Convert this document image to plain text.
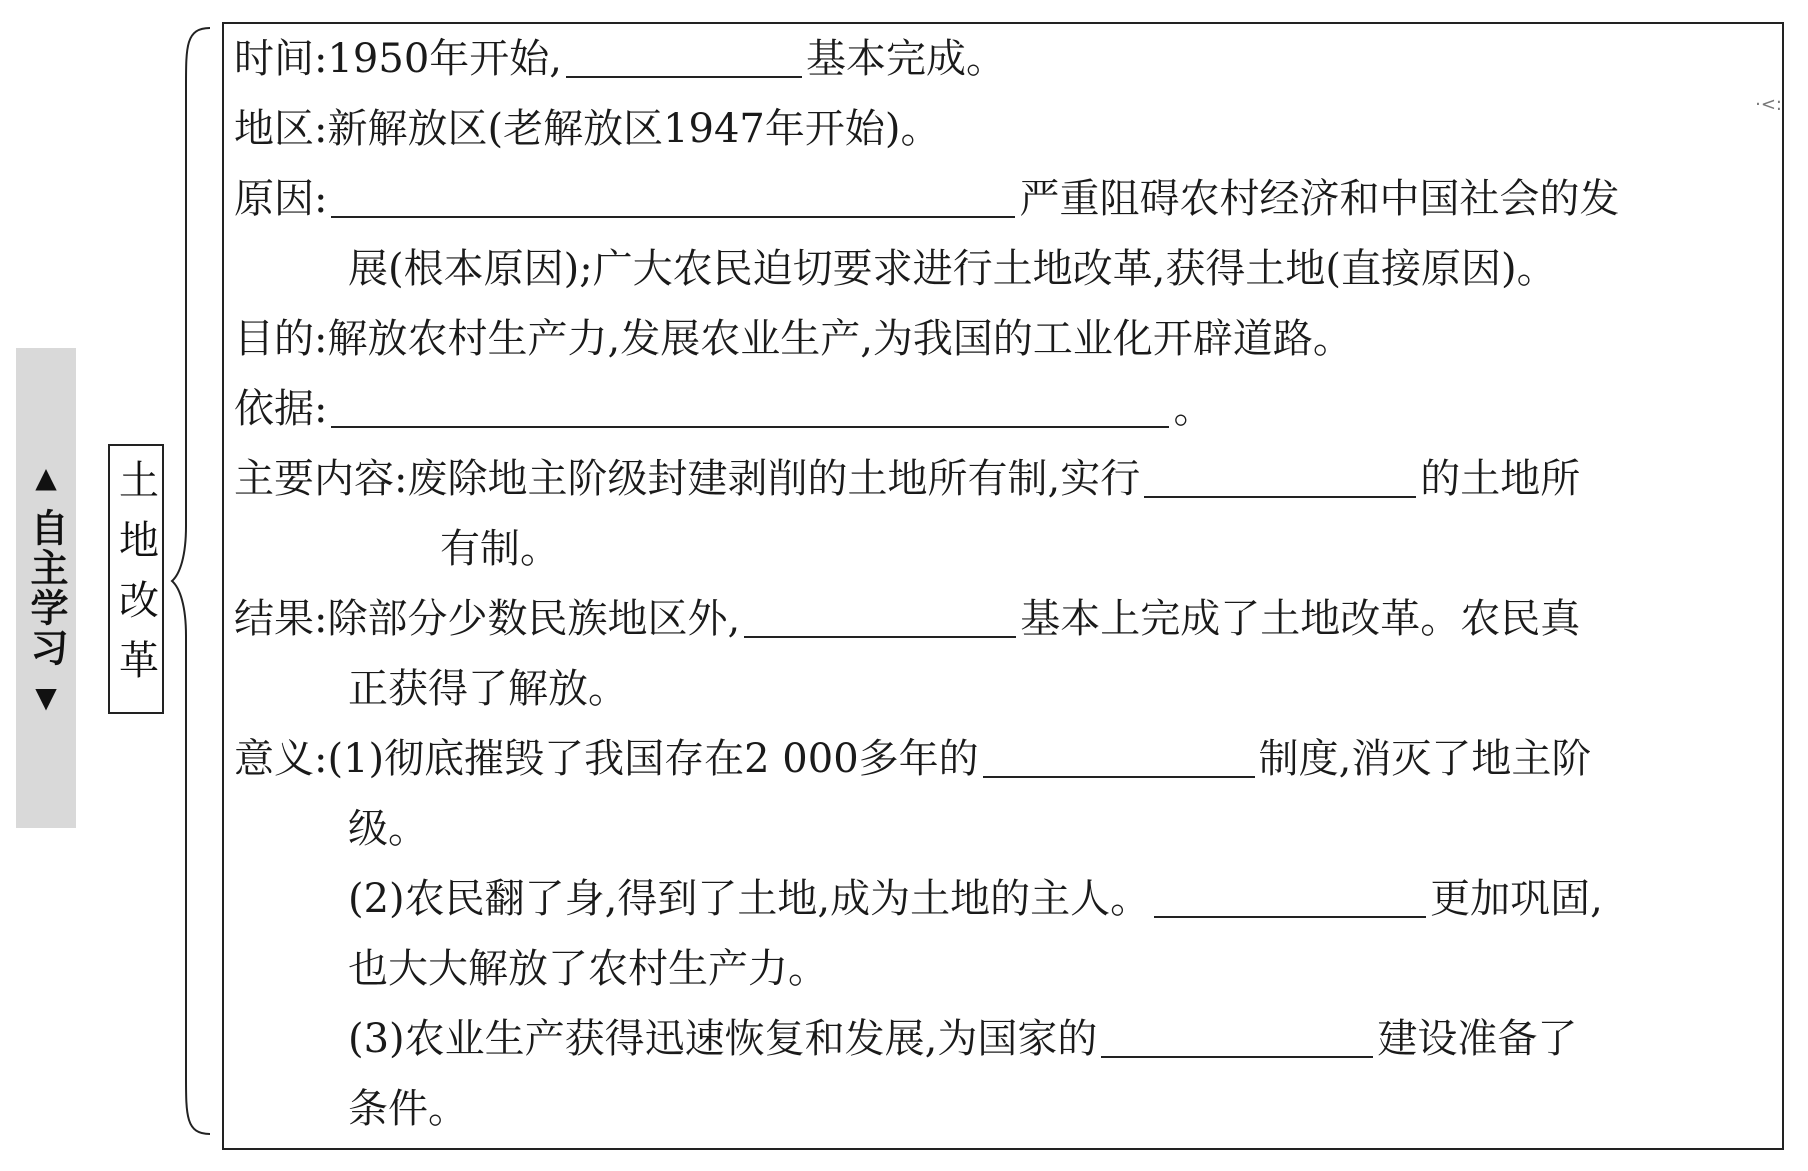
▲
自主学习
▼ 土地改革
·<:
时间:1950年开始,	基本完成。
地区:新解放区(老解放区1947年开始)。
原因:	严重阻碍农村经济和中国社会的发
展(根本原因);广大农民迫切要求进行土地改革,获得土地(直接原因)。
目的:解放农村生产力,发展农业生产,为我国的工业化开辟道路。
依据:	。
主要内容:废除地主阶级封建剥削的土地所有制,实行	的土地所
有制。
结果:除部分少数民族地区外,	基本上完成了土地改革。农民真
正获得了解放。
意义:(1)彻底摧毁了我国存在2 000多年的	制度,消灭了地主阶
级。
(2)农民翻了身,得到了土地,成为土地的主人。	更加巩固,
也大大解放了农村生产力。
(3)农业生产获得迅速恢复和发展,为国家的	建设准备了
条件。
